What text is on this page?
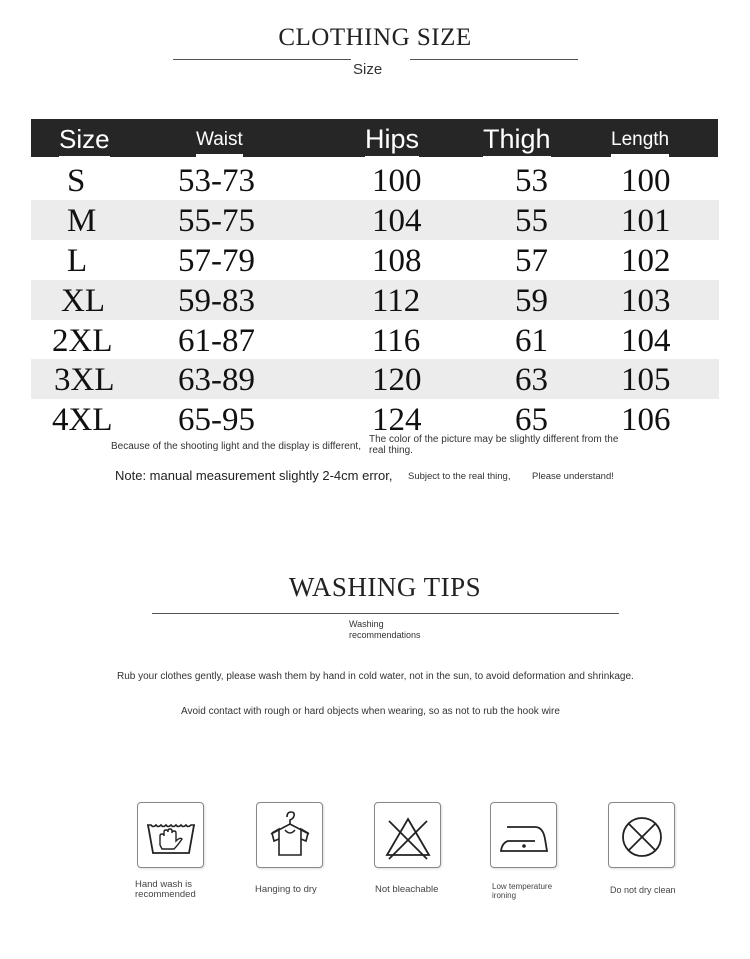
CLOTHING SIZE
Size
Size	Waist	Hips Thigh	Length
S	53-73	100	53 100
M 55-75	104	55 101
L	57-79	108	57 102
XL 59-83	112	59 103
2XL 61-87	116	61 104
3XL 63-89	120	63 105
4XL 65-95	124	65 106
Because of the shooting light and the display is different,
The color of the picture may be slightly different from the real thing.
Note: manual measurement slightly 2-4cm error, Subject to the real thing, Please understand!
WASHING TIPS
Washing recommendations
Rub your clothes gently, please wash them by hand in cold water, not in the sun, to avoid deformation and shrinkage.
Avoid contact with rough or hard objects when wearing, so as not to rub the hook wire
Hand wash is recommended	Hanging to dry	Not bleachable	Low temperature ironing
Do not dry clean
